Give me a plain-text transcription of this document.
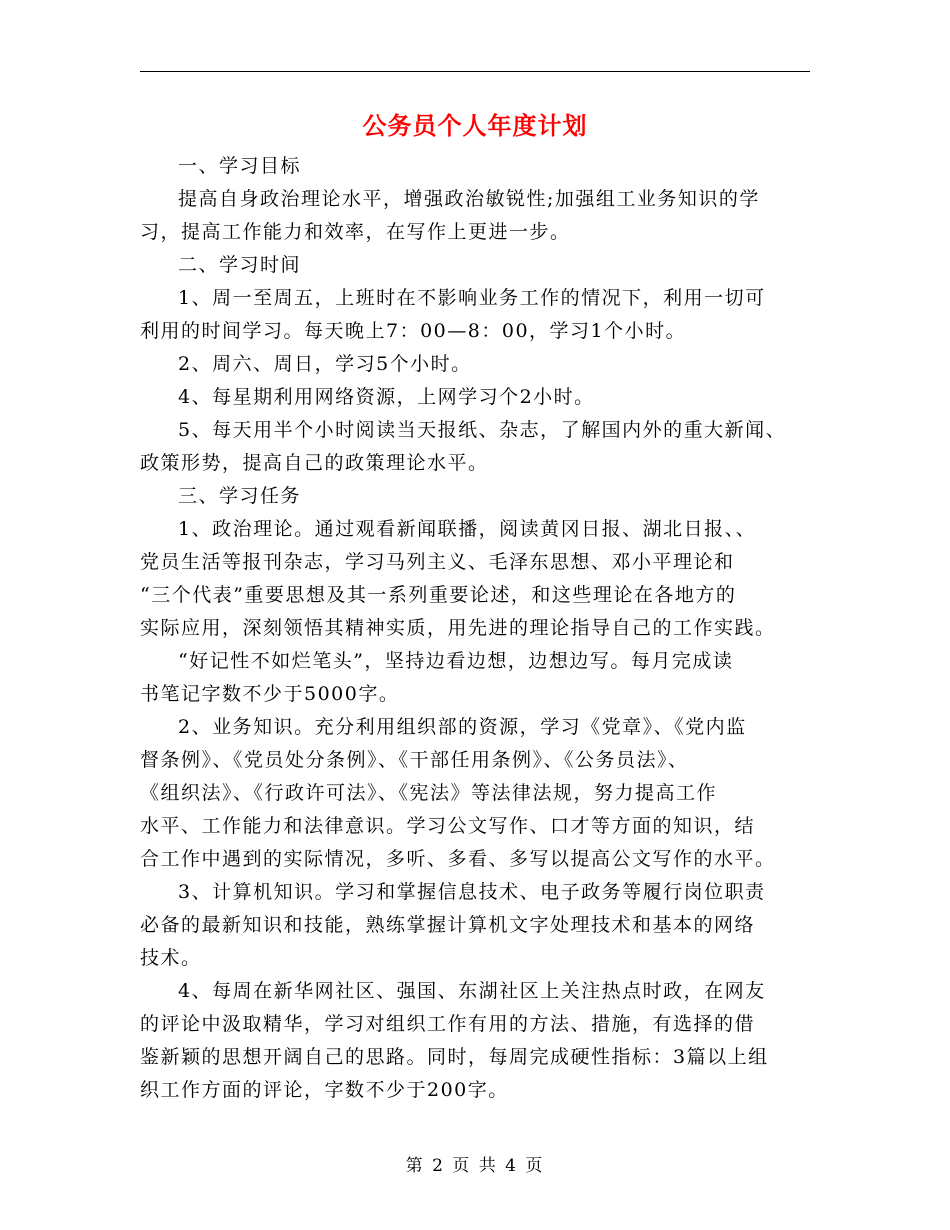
公务员个人年度计划

一、学习目标

提高自身政治理论水平，增强政治敏锐性;加强组工业务知识的学
习，提高工作能力和效率，在写作上更进一步。

二、学习时间

1、周一至周五，上班时在不影响业务工作的情况下，利用一切可
利用的时间学习。每天晚上7：00—8：00，学习1个小时。

2、周六、周日，学习5个小时。

4、每星期利用网络资源，上网学习个2小时。

5、每天用半个小时阅读当天报纸、杂志，了解国内外的重大新闻、
政策形势，提高自己的政策理论水平。

三、学习任务

1、政治理论。通过观看新闻联播，阅读黄冈日报、湖北日报、、
党员生活等报刊杂志，学习马列主义、毛泽东思想、邓小平理论和
“三个代表”重要思想及其一系列重要论述，和这些理论在各地方的
实际应用，深刻领悟其精神实质，用先进的理论指导自己的工作实践。

“好记性不如烂笔头”，坚持边看边想，边想边写。每月完成读
书笔记字数不少于5000字。

2、业务知识。充分利用组织部的资源，学习《党章》、《党内监
督条例》、《党员处分条例》、《干部任用条例》、《公务员法》、
《组织法》、《行政许可法》、《宪法》等法律法规，努力提高工作
水平、工作能力和法律意识。学习公文写作、口才等方面的知识，结
合工作中遇到的实际情况，多听、多看、多写以提高公文写作的水平。

3、计算机知识。学习和掌握信息技术、电子政务等履行岗位职责
必备的最新知识和技能，熟练掌握计算机文字处理技术和基本的网络
技术。

4、每周在新华网社区、强国、东湖社区上关注热点时政，在网友
的评论中汲取精华，学习对组织工作有用的方法、措施，有选择的借
鉴新颖的思想开阔自己的思路。同时，每周完成硬性指标：3篇以上组
织工作方面的评论，字数不少于200字。

第 2 页 共 4 页
